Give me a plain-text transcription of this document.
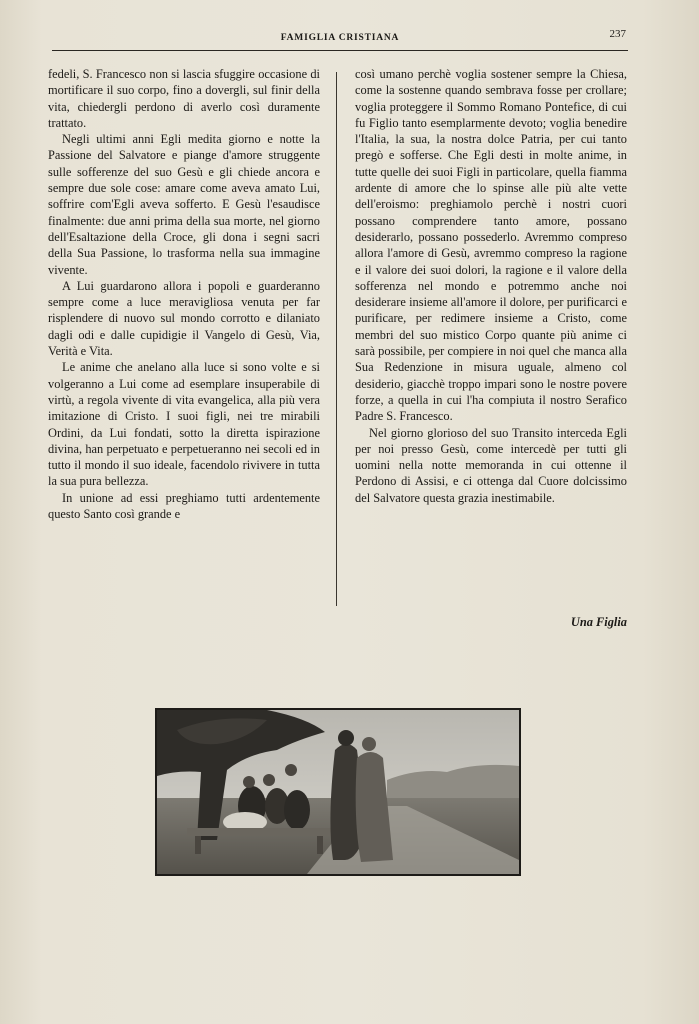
FAMIGLIA CRISTIANA	237

fedeli, S. Francesco non si lascia sfuggire occasione di mortificare il suo corpo, fino a dovergli, sul finir della vita, chiedergli perdono di averlo così duramente trattato.

Negli ultimi anni Egli medita giorno e notte la Passione del Salvatore e piange d'amore struggente sulle sofferenze del suo Gesù e gli chiede ancora e sempre due sole cose: amare come aveva amato Lui, soffrire com'Egli aveva sofferto. E Gesù l'esaudisce finalmente: due anni prima della sua morte, nel giorno dell'Esaltazione della Croce, gli dona i segni sacri della Sua Passione, lo trasforma nella sua immagine vivente.

A Lui guardarono allora i popoli e guarderanno sempre come a luce meravigliosa venuta per far risplendere di nuovo sul mondo corrotto e dilaniato dagli odi e dalle cupidigie il Vangelo di Gesù, Via, Verità e Vita.

Le anime che anelano alla luce si sono volte e si volgeranno a Lui come ad esemplare insuperabile di virtù, a regola vivente di vita evangelica, alla più vera imitazione di Cristo. I suoi figli, nei tre mirabili Ordini, da Lui fondati, sotto la diretta ispirazione divina, han perpetuato e perpetueranno nei secoli ed in tutto il mondo il suo ideale, facendolo rivivere in tutta la sua pura bellezza.

In unione ad essi preghiamo tutti ardentemente questo Santo così grande e

così umano perchè voglia sostener sempre la Chiesa, come la sostenne quando sembrava fosse per crollare; voglia proteggere il Sommo Romano Pontefice, di cui fu Figlio tanto esemplarmente devoto; voglia benedire l'Italia, la sua, la nostra dolce Patria, per cui tanto pregò e sofferse. Che Egli desti in molte anime, in tutte quelle dei suoi Figli in particolare, quella fiamma ardente di amore che lo spinse alle più alte vette dell'eroismo: preghiamolo perchè i nostri cuori possano comprendere tanto amore, possano desiderarlo, possano possederlo. Avremmo compreso allora l'amore di Gesù, avremmo compreso la ragione e il valore dei suoi dolori, la ragione e il valore della sofferenza nel mondo e potremmo anche noi desiderare insieme all'amore il dolore, per purificarci e purificare, per redimere insieme a Cristo, come membri del suo mistico Corpo quante più anime ci sarà possibile, per compiere in noi quel che manca alla Sua Redenzione in misura uguale, almeno col desiderio, giacchè troppo impari sono le nostre povere forze, a quella in cui l'ha compiuta il nostro Serafico Padre S. Francesco.

Nel giorno glorioso del suo Transito interceda Egli per noi presso Gesù, come intercedè per tutti gli uomini nella notte memoranda in cui ottenne il Perdono di Assisi, e ci ottenga dal Cuore dolcissimo del Salvatore questa grazia inestimabile.

Una Figlia
